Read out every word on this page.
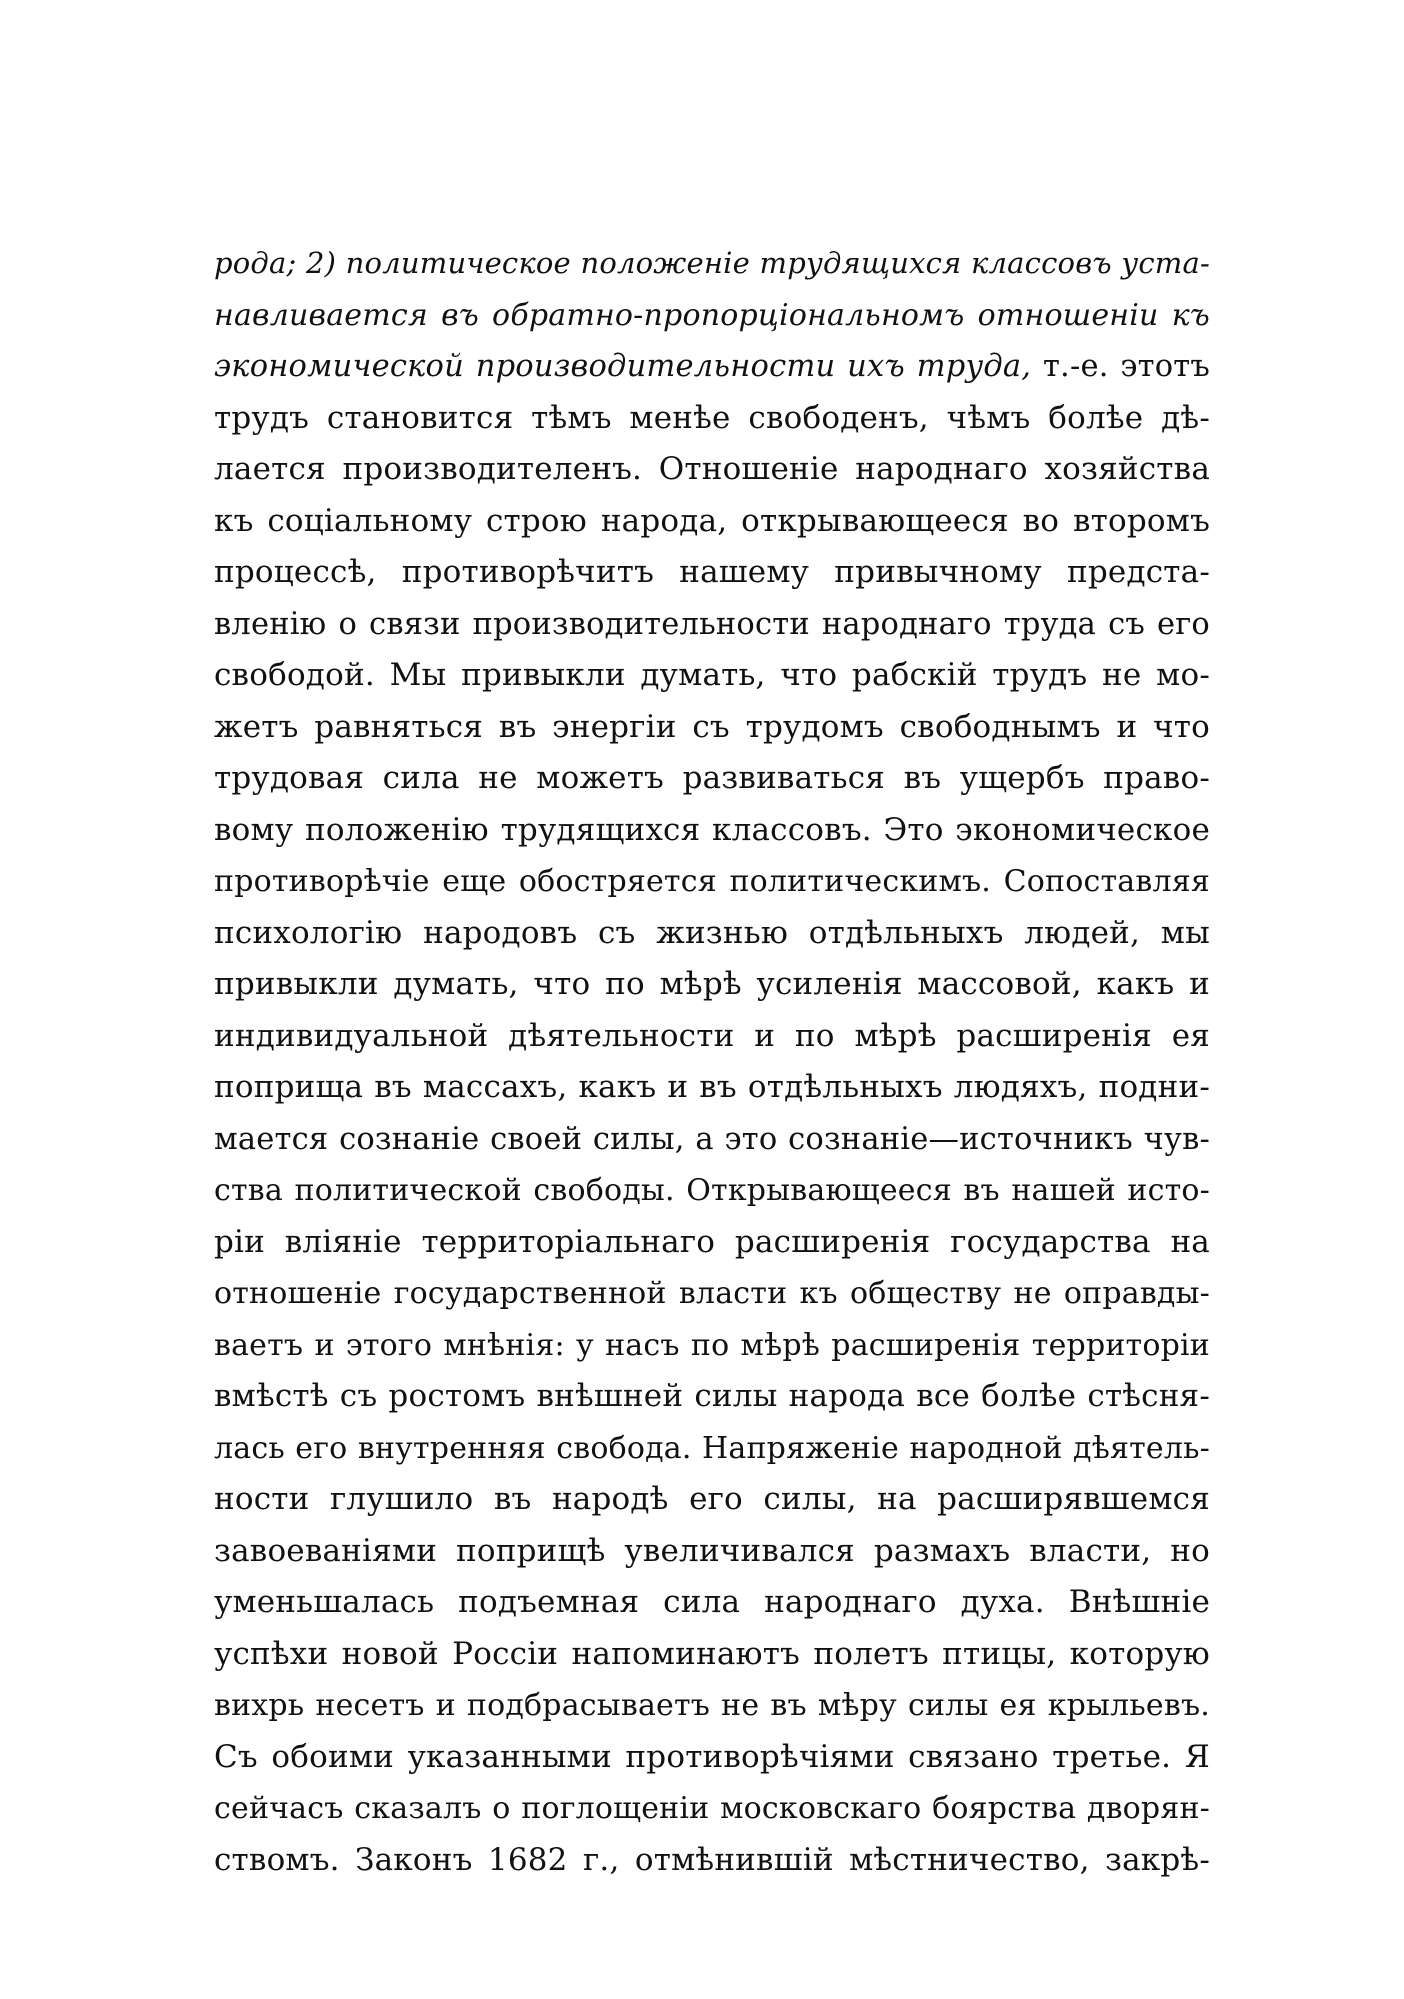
рода; 2) политическое положенiе трудящихся классовъ уста-
навливается въ обратно-пропорцiональномъ отношенiи къ
экономической производительности ихъ труда, т.-е. этотъ
трудъ становится тѣмъ менѣе свободенъ, чѣмъ болѣе дѣ-
лается производителенъ. Отношенiе народнаго хозяйства
къ соцiальному строю народа, открывающееся во второмъ
процессѣ, противорѣчитъ нашему привычному предста-
вленiю о связи производительности народнаго труда съ его
свободой. Мы привыкли думать, что рабскiй трудъ не мо-
жетъ равняться въ энергiи съ трудомъ свободнымъ и что
трудовая сила не можетъ развиваться въ ущербъ право-
вому положенiю трудящихся классовъ. Это экономическое
противорѣчiе еще обостряется политическимъ. Сопоставляя
психологiю народовъ съ жизнью отдѣльныхъ людей, мы
привыкли думать, что по мѣрѣ усиленiя массовой, какъ и
индивидуальной дѣятельности и по мѣрѣ расширенiя ея
поприща въ массахъ, какъ и въ отдѣльныхъ людяхъ, подни-
мается сознанiе своей силы, а это сознанiе—источникъ чув-
ства политической свободы. Открывающееся въ нашей исто-
рiи влiянiе территорiальнаго расширенiя государства на
отношенiе государственной власти къ обществу не оправды-
ваетъ и этого мнѣнiя: у насъ по мѣрѣ расширенiя территорiи
вмѣстѣ съ ростомъ внѣшней силы народа все болѣе стѣсня-
лась его внутренняя свобода. Напряженiе народной дѣятель-
ности глушило въ народѣ его силы, на расширявшемся
завоеванiями поприщѣ увеличивался размахъ власти, но
уменьшалась подъемная сила народнаго духа. Внѣшнiе
успѣхи новой Россiи напоминаютъ полетъ птицы, которую
вихрь несетъ и подбрасываетъ не въ мѣру силы ея крыльевъ.
Съ обоими указанными противорѣчiями связано третье. Я
сейчасъ сказалъ о поглощенiи московскаго боярства дворян-
ствомъ. Законъ 1682 г., отмѣнившiй мѣстничество, закрѣ-
